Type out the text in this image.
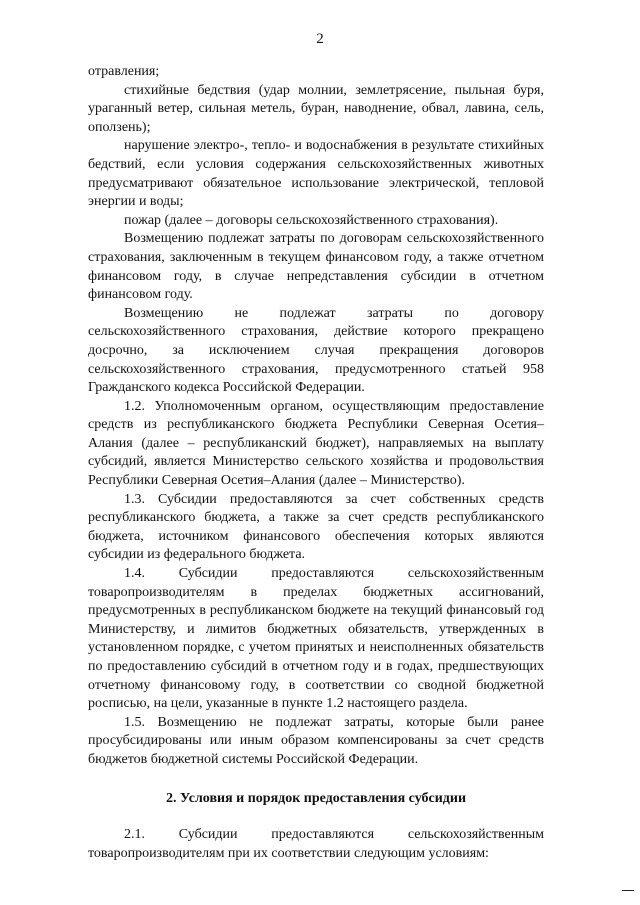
2

отравления;

стихийные бедствия (удар молнии, землетрясение, пыльная буря, ураганный ветер, сильная метель, буран, наводнение, обвал, лавина, сель, оползень);

нарушение электро-, тепло- и водоснабжения в результате стихийных бедствий, если условия содержания сельскохозяйственных животных предусматривают обязательное использование электрической, тепловой энергии и воды;

пожар (далее – договоры сельскохозяйственного страхования).

Возмещению подлежат затраты по договорам сельскохозяйственного страхования, заключенным в текущем финансовом году, а также отчетном финансовом году, в случае непредставления субсидии в отчетном финансовом году.

Возмещению не подлежат затраты по договору сельскохозяйственного страхования, действие которого прекращено досрочно, за исключением случая прекращения договоров сельскохозяйственного страхования, предусмотренного статьей 958 Гражданского кодекса Российской Федерации.

1.2. Уполномоченным органом, осуществляющим предоставление средств из республиканского бюджета Республики Северная Осетия–Алания (далее – республиканский бюджет), направляемых на выплату субсидий, является Министерство сельского хозяйства и продовольствия Республики Северная Осетия–Алания (далее – Министерство).

1.3. Субсидии предоставляются за счет собственных средств республиканского бюджета, а также за счет средств республиканского бюджета, источником финансового обеспечения которых являются субсидии из федерального бюджета.

1.4. Субсидии предоставляются сельскохозяйственным товаропроизводителям в пределах бюджетных ассигнований, предусмотренных в республиканском бюджете на текущий финансовый год Министерству, и лимитов бюджетных обязательств, утвержденных в установленном порядке, с учетом принятых и неисполненных обязательств по предоставлению субсидий в отчетном году и в годах, предшествующих отчетному финансовому году, в соответствии со сводной бюджетной росписью, на цели, указанные в пункте 1.2 настоящего раздела.

1.5. Возмещению не подлежат затраты, которые были ранее просубсидированы или иным образом компенсированы за счет средств бюджетов бюджетной системы Российской Федерации.

2. Условия и порядок предоставления субсидии

2.1. Субсидии предоставляются сельскохозяйственным товаропроизводителям при их соответствии следующим условиям:
